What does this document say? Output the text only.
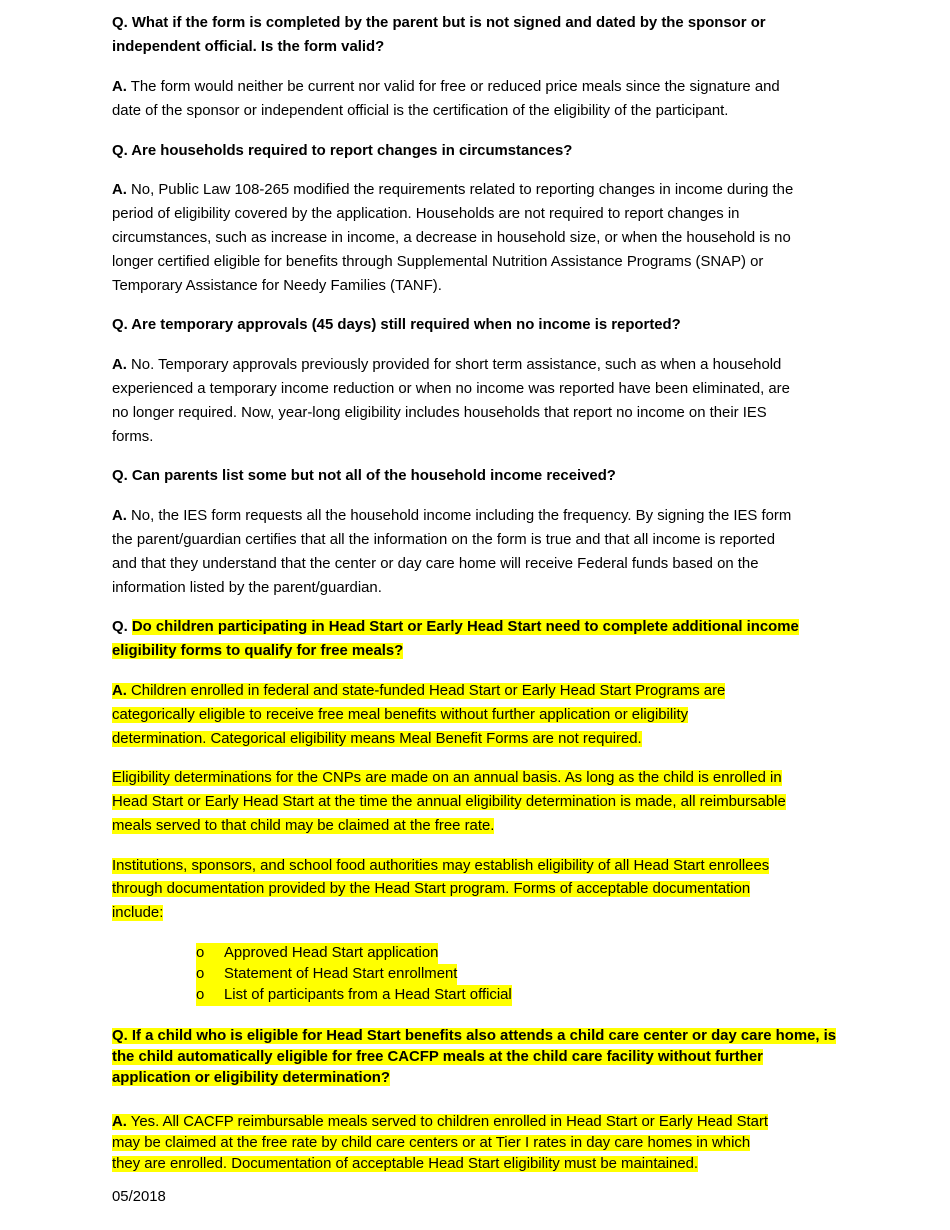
Q. What if the form is completed by the parent but is not signed and dated by the sponsor or
independent official. Is the form valid?
A. The form would neither be current nor valid for free or reduced price meals since the signature and
date of the sponsor or independent official is the certification of the eligibility of the participant.
Q. Are households required to report changes in circumstances?
A. No, Public Law 108-265 modified the requirements related to reporting changes in income during the
period of eligibility covered by the application. Households are not required to report changes in
circumstances, such as increase in income, a decrease in household size, or when the household is no
longer certified eligible for benefits through Supplemental Nutrition Assistance Programs (SNAP) or
Temporary Assistance for Needy Families (TANF).
Q. Are temporary approvals (45 days) still required when no income is reported?
A. No. Temporary approvals previously provided for short term assistance, such as when a household
experienced a temporary income reduction or when no income was reported have been eliminated, are
no longer required. Now, year-long eligibility includes households that report no income on their IES
forms.
Q. Can parents list some but not all of the household income received?
A. No, the IES form requests all the household income including the frequency. By signing the IES form
the parent/guardian certifies that all the information on the form is true and that all income is reported
and that they understand that the center or day care home will receive Federal funds based on the
information listed by the parent/guardian.
Q. Do children participating in Head Start or Early Head Start need to complete additional income
eligibility forms to qualify for free meals?
A. Children enrolled in federal and state-funded Head Start or Early Head Start Programs are
categorically eligible to receive free meal benefits without further application or eligibility
determination. Categorical eligibility means Meal Benefit Forms are not required.
Eligibility determinations for the CNPs are made on an annual basis. As long as the child is enrolled in
Head Start or Early Head Start at the time the annual eligibility determination is made, all reimbursable
meals served to that child may be claimed at the free rate.
Institutions, sponsors, and school food authorities may establish eligibility of all Head Start enrollees
through documentation provided by the Head Start program. Forms of acceptable documentation
include:
o	Approved Head Start application
o	Statement of Head Start enrollment
o	List of participants from a Head Start official
Q. If a child who is eligible for Head Start benefits also attends a child care center or day care home, is
the child automatically eligible for free CACFP meals at the child care facility without further
application or eligibility determination?
A. Yes. All CACFP reimbursable meals served to children enrolled in Head Start or Early Head Start
may be claimed at the free rate by child care centers or at Tier I rates in day care homes in which
they are enrolled. Documentation of acceptable Head Start eligibility must be maintained.
05/2018
